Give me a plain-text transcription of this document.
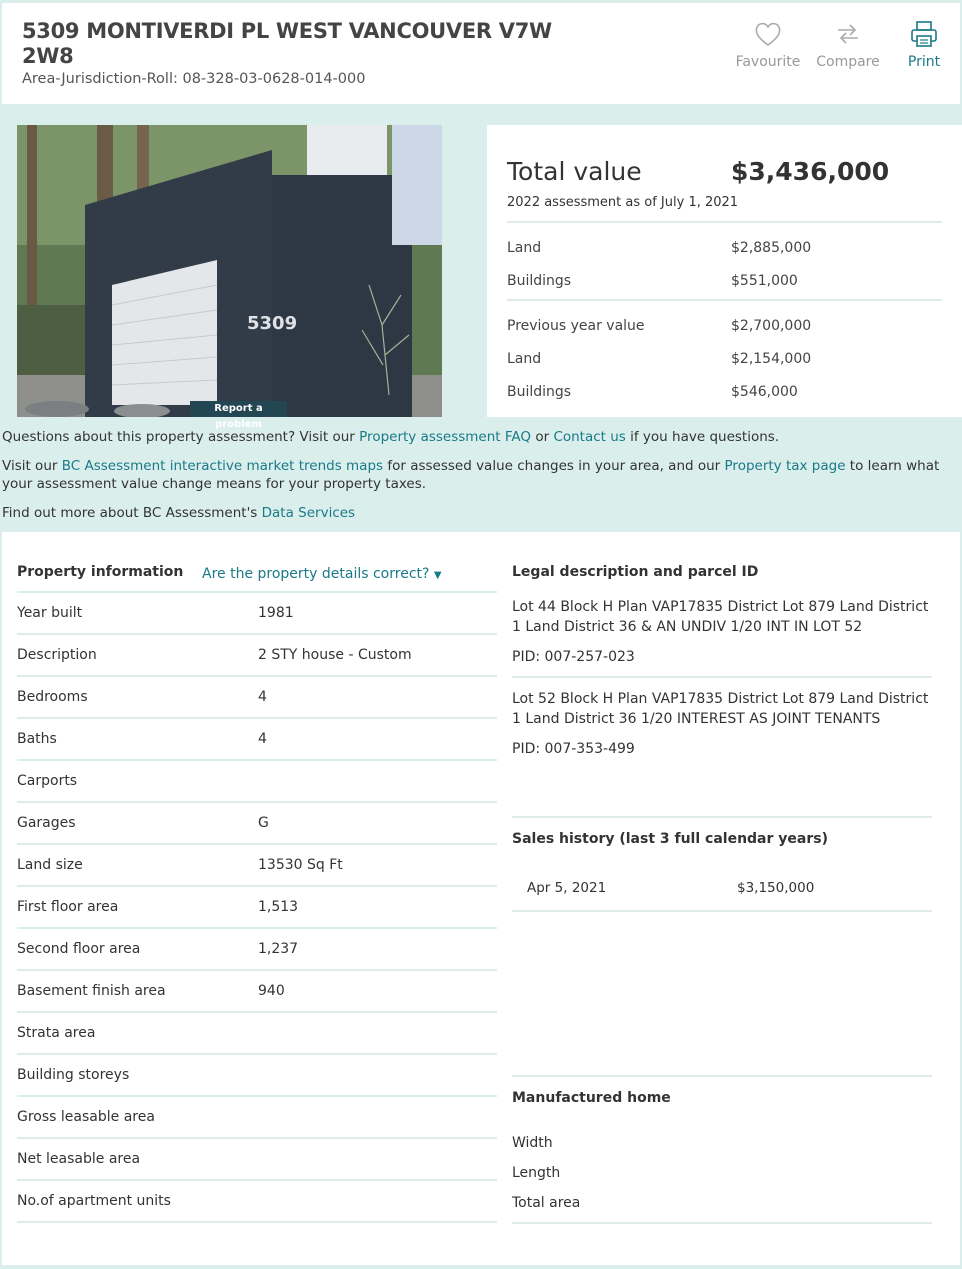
5309 MONTIVERDI PL WEST VANCOUVER V7W 2W8
Area-Jurisdiction-Roll: 08-328-03-0628-014-000
Favourite	Compare	Print
5309
Report a problem
Total value	$3,436,000
2022 assessment as of July 1, 2021
Land	$2,885,000
Buildings	$551,000
Previous year value	$2,700,000
Land	$2,154,000
Buildings	$546,000
Questions about this property assessment? Visit our Property assessment FAQ or Contact us if you have questions.
Visit our BC Assessment interactive market trends maps for assessed value changes in your area, and our Property tax page to learn what your assessment value change means for your property taxes.
Find out more about BC Assessment's Data Services
Property information Are the property details correct? ▼
Year built	1981
Description	2 STY house - Custom
Bedrooms	4
Baths	4
Carports
Garages	G
Land size	13530 Sq Ft
First floor area	1,513
Second floor area	1,237
Basement finish area	940
Strata area
Building storeys
Gross leasable area
Net leasable area
No.of apartment units
Legal description and parcel ID
Lot 44 Block H Plan VAP17835 District Lot 879 Land District 1 Land District 36 & AN UNDIV 1/20 INT IN LOT 52
PID: 007-257-023
Lot 52 Block H Plan VAP17835 District Lot 879 Land District 1 Land District 36 1/20 INTEREST AS JOINT TENANTS
PID: 007-353-499
Sales history (last 3 full calendar years)
Apr 5, 2021	$3,150,000
Manufactured home
Width
Length
Total area
